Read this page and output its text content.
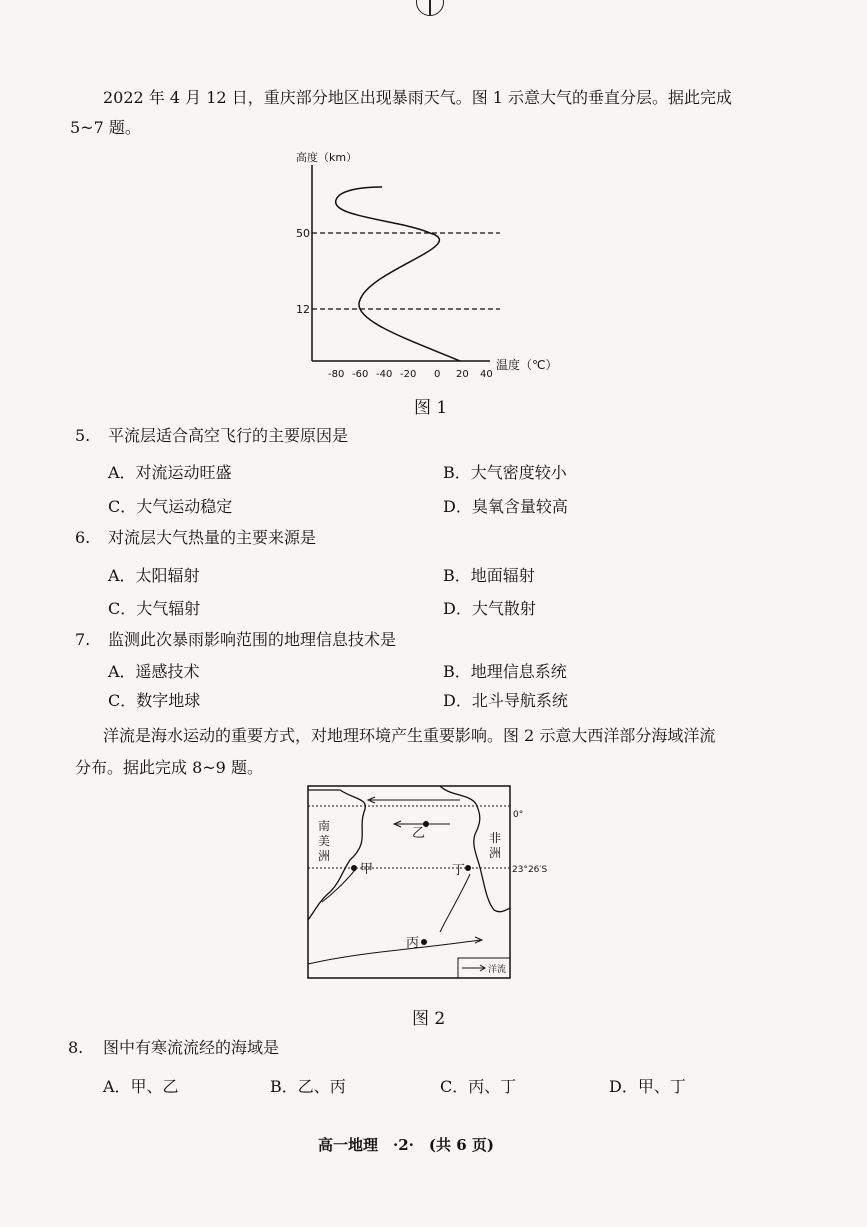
2022 年 4 月 12 日，重庆部分地区出现暴雨天气。图 1 示意大气的垂直分层。据此完成
5~7 题。
高度（km）
50
12
-80 -60 -40 -20 0 20 40
温度（℃）
图 1
5. 平流层适合高空飞行的主要原因是
A．对流运动旺盛	B．大气密度较小
C．大气运动稳定	D．臭氧含量较高
6. 对流层大气热量的主要来源是
A．太阳辐射	B．地面辐射
C．大气辐射	D．大气散射
7. 监测此次暴雨影响范围的地理信息技术是
A．遥感技术	B．地理信息系统
C．数字地球	D．北斗导航系统
洋流是海水运动的重要方式，对地理环境产生重要影响。图 2 示意大西洋部分海域洋流
分布。据此完成 8~9 题。
0°
23°26′S
南
美
洲
非
洲
乙
甲	丁
丙
洋流
图 2
8. 图中有寒流流经的海域是
A．甲、乙	B．乙、丙	C．丙、丁	D．甲、丁
高一地理　·2·　(共 6 页)
